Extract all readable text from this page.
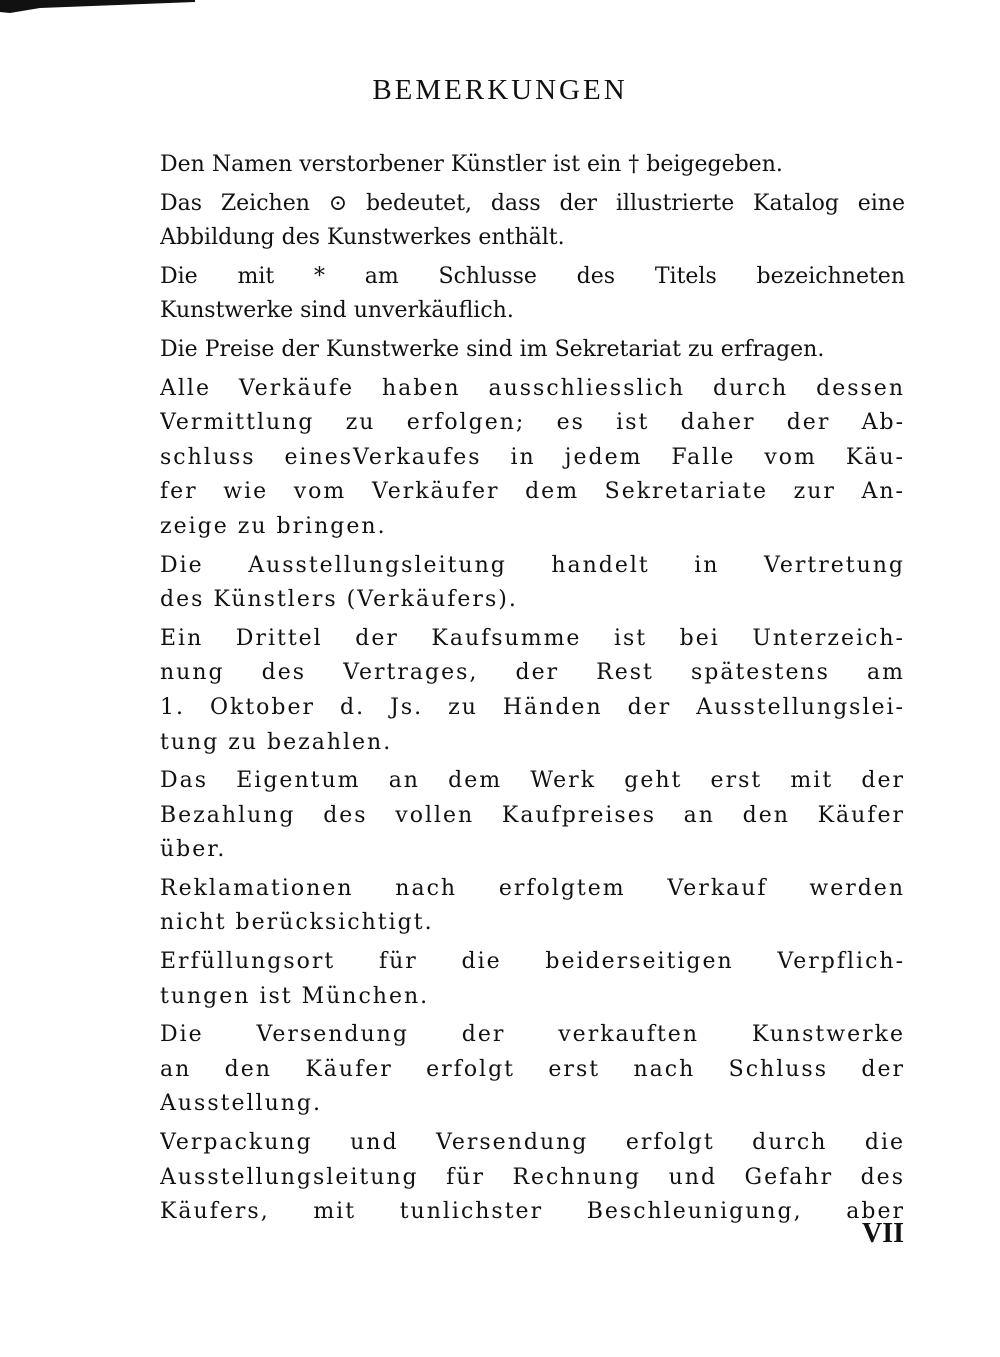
BEMERKUNGEN
Den Namen verstorbener Künstler ist ein † beigegeben.
Das Zeichen ⊙ bedeutet, dass der illustrierte Katalog eine
Abbildung des Kunstwerkes enthält.
Die mit * am Schlusse des Titels bezeichneten
Kunstwerke sind unverkäuflich.
Die Preise der Kunstwerke sind im Sekretariat zu erfragen.
Alle Verkäufe haben ausschliesslich durch dessen
Vermittlung zu erfolgen; es ist daher der Ab-
schluss einesVerkaufes in jedem Falle vom Käu-
fer wie vom Verkäufer dem Sekretariate zur An-
zeige zu bringen.
Die Ausstellungsleitung handelt in Vertretung
des Künstlers (Verkäufers).
Ein Drittel der Kaufsumme ist bei Unterzeich-
nung des Vertrages, der Rest spätestens am
1. Oktober d. Js. zu Händen der Ausstellungslei-
tung zu bezahlen.
Das Eigentum an dem Werk geht erst mit der
Bezahlung des vollen Kaufpreises an den Käufer
über.
Reklamationen nach erfolgtem Verkauf werden
nicht berücksichtigt.
Erfüllungsort für die beiderseitigen Verpflich-
tungen ist München.
Die Versendung der verkauften Kunstwerke
an den Käufer erfolgt erst nach Schluss der
Ausstellung.
Verpackung und Versendung erfolgt durch die
Ausstellungsleitung für Rechnung und Gefahr des
Käufers, mit tunlichster Beschleunigung, aber
VII
